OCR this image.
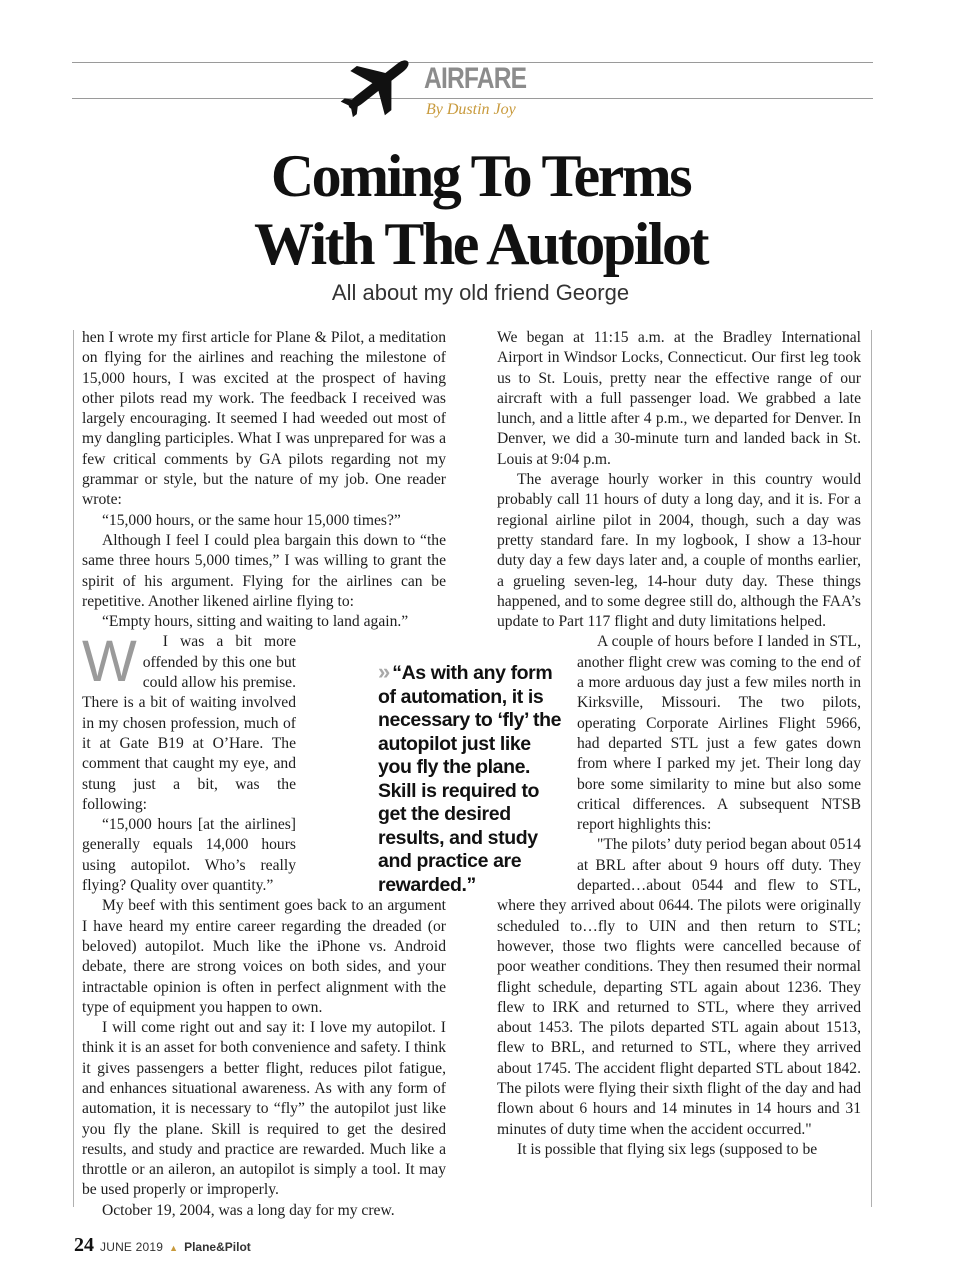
AIRFARE
By Dustin Joy
Coming To Terms
With The Autopilot
All about my old friend George

W
hen I wrote my first article for Plane & Pilot, a meditation on flying for the airlines and reaching the milestone of 15,000 hours, I was excited at the prospect of having other pilots read my work. The feedback I received was largely encouraging. It seemed I had weeded out most of my dangling participles. What I was unprepared for was a few critical comments by GA pilots regarding not my grammar or style, but the nature of my job. One reader wrote:

“15,000 hours, or the same hour 15,000 times?”

Although I feel I could plea bargain this down to “the same three hours 5,000 times,” I was willing to grant the spirit of his argument. Flying for the airlines can be repetitive. Another likened airline flying to:

“Empty hours, sitting and waiting to land again.”

I was a bit more offended by this one but could allow his premise. There is a bit of waiting involved in my chosen profession, much of it at Gate B19 at O’Hare. The comment that caught my eye, and stung just a bit, was the following:

“15,000 hours [at the airlines] generally equals 14,000 hours using autopilot. Who’s really flying? Quality over quantity.”

My beef with this sentiment goes back to an argument I have heard my entire career regarding the dreaded (or beloved) autopilot. Much like the iPhone vs. Android debate, there are strong voices on both sides, and your intractable opinion is often in perfect alignment with the type of equipment you happen to own.

I will come right out and say it: I love my autopilot. I think it is an asset for both convenience and safety. I think it gives passengers a better flight, reduces pilot fatigue, and enhances situational awareness. As with any form of automation, it is necessary to “fly” the autopilot just like you fly the plane. Skill is required to get the desired results, and study and practice are rewarded. Much like a throttle or an aileron, an autopilot is simply a tool. It may be used properly or improperly.

October 19, 2004, was a long day for my crew.

» “As with any form of automation, it is necessary to ‘fly’ the autopilot just like you fly the plane. Skill is required to get the desired results, and study and practice are rewarded.”

We began at 11:15 a.m. at the Bradley International Airport in Windsor Locks, Connecticut. Our first leg took us to St. Louis, pretty near the effective range of our aircraft with a full passenger load. We grabbed a late lunch, and a little after 4 p.m., we departed for Denver. In Denver, we did a 30-minute turn and landed back in St. Louis at 9:04 p.m.

The average hourly worker in this country would probably call 11 hours of duty a long day, and it is. For a regional airline pilot in 2004, though, such a day was pretty standard fare. In my logbook, I show a 13-hour duty day a few days later and, a couple of months earlier, a grueling seven-leg, 14-hour duty day. These things happened, and to some degree still do, although the FAA’s update to Part 117 flight and duty limitations helped.

A couple of hours before I landed in STL, another flight crew was coming to the end of a more arduous day just a few miles north in Kirksville, Missouri. The two pilots, operating Corporate Airlines Flight 5966, had departed STL just a few gates down from where I parked my jet. Their long day bore some similarity to mine but also some critical differences. A subsequent NTSB report highlights this:

"The pilots’ duty period began about 0514 at BRL after about 9 hours off duty. They departed…about 0544 and flew to STL, where they arrived about 0644. The pilots were originally scheduled to…fly to UIN and then return to STL; however, those two flights were cancelled because of poor weather conditions. They then resumed their normal flight schedule, departing STL again about 1236. They flew to IRK and returned to STL, where they arrived about 1453. The pilots departed STL again about 1513, flew to BRL, and returned to STL, where they arrived about 1745. The accident flight departed STL about 1842. The pilots were flying their sixth flight of the day and had flown about 6 hours and 14 minutes in 14 hours and 31 minutes of duty time when the accident occurred."

It is possible that flying six legs (supposed to be

24 JUNE 2019 ▲ Plane&Pilot
